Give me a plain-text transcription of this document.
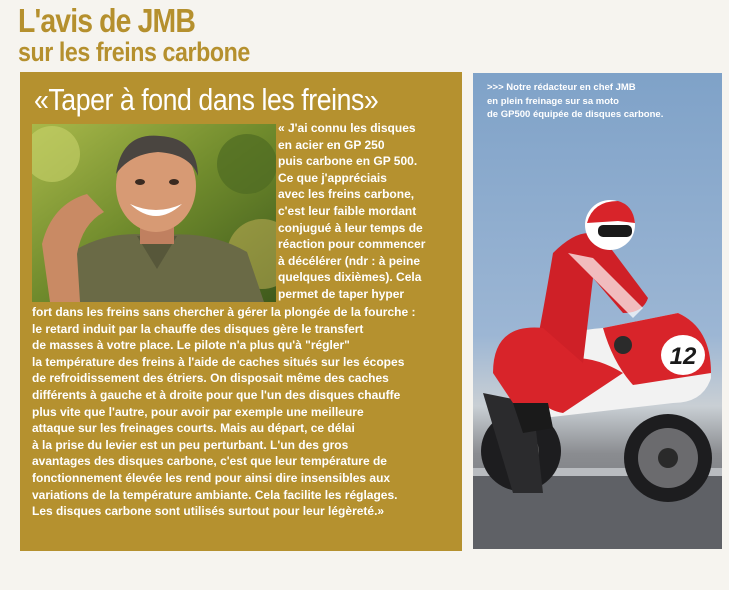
L'avis de JMB
sur les freins carbone
«Taper à fond dans les freins»
« J'ai connu les disques
en acier en GP 250
puis carbone en GP 500.
Ce que j'appréciais
avec les freins carbone,
c'est leur faible mordant
conjugué à leur temps de
réaction pour commencer
à décélérer (ndr : à peine
quelques dixièmes). Cela
permet de taper hyper
fort dans les freins sans chercher à gérer la plongée de la fourche :
le retard induit par la chauffe des disques gère le transfert
de masses à votre place. Le pilote n'a plus qu'à "régler"
la température des freins à l'aide de caches situés sur les écopes
de refroidissement des étriers. On disposait même des caches
différents à gauche et à droite pour que l'un des disques chauffe
plus vite que l'autre, pour avoir par exemple une meilleure
attaque sur les freinages courts. Mais au départ, ce délai
à la prise du levier est un peu perturbant. L'un des gros
avantages des disques carbone, c'est que leur température de
fonctionnement élevée les rend pour ainsi dire insensibles aux
variations de la température ambiante. Cela facilite les réglages.
Les disques carbone sont utilisés surtout pour leur légèreté.»
12
>>> Notre rédacteur en chef JMB
en plein freinage sur sa moto
de GP500 équipée de disques carbone.
